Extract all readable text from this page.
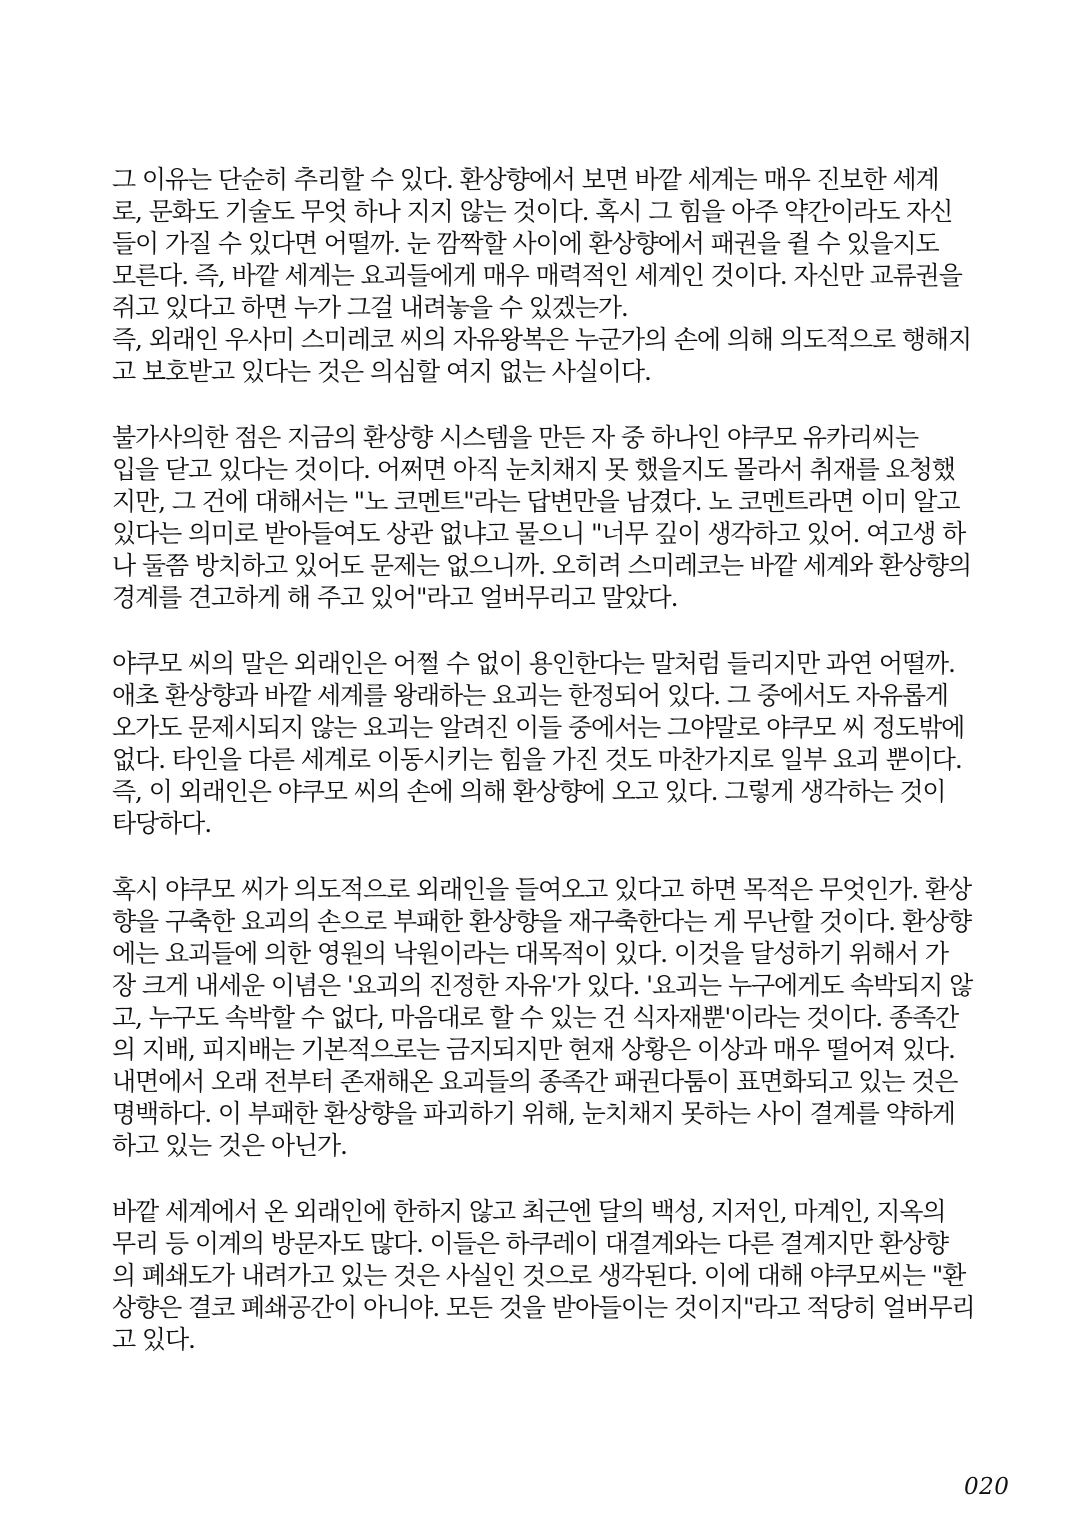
그 이유는 단순히 추리할 수 있다. 환상향에서 보면 바깥 세계는 매우 진보한 세계
로, 문화도 기술도 무엇 하나 지지 않는 것이다. 혹시 그 힘을 아주 약간이라도 자신
들이 가질 수 있다면 어떨까. 눈 깜짝할 사이에 환상향에서 패권을 쥘 수 있을지도
모른다. 즉, 바깥 세계는 요괴들에게 매우 매력적인 세계인 것이다. 자신만 교류권을
쥐고 있다고 하면 누가 그걸 내려놓을 수 있겠는가.
즉, 외래인 우사미 스미레코 씨의 자유왕복은 누군가의 손에 의해 의도적으로 행해지
고 보호받고 있다는 것은 의심할 여지 없는 사실이다.
불가사의한 점은 지금의 환상향 시스템을 만든 자 중 하나인 야쿠모 유카리씨는
입을 닫고 있다는 것이다. 어쩌면 아직 눈치채지 못 했을지도 몰라서 취재를 요청했
지만, 그 건에 대해서는 "노 코멘트"라는 답변만을 남겼다. 노 코멘트라면 이미 알고
있다는 의미로 받아들여도 상관 없냐고 물으니 "너무 깊이 생각하고 있어. 여고생 하
나 둘쯤 방치하고 있어도 문제는 없으니까. 오히려 스미레코는 바깥 세계와 환상향의
경계를 견고하게 해 주고 있어"라고 얼버무리고 말았다.
야쿠모 씨의 말은 외래인은 어쩔 수 없이 용인한다는 말처럼 들리지만 과연 어떨까.
애초 환상향과 바깥 세계를 왕래하는 요괴는 한정되어 있다. 그 중에서도 자유롭게
오가도 문제시되지 않는 요괴는 알려진 이들 중에서는 그야말로 야쿠모 씨 정도밖에
없다. 타인을 다른 세계로 이동시키는 힘을 가진 것도 마찬가지로 일부 요괴 뿐이다.
즉, 이 외래인은 야쿠모 씨의 손에 의해 환상향에 오고 있다. 그렇게 생각하는 것이
타당하다.
혹시 야쿠모 씨가 의도적으로 외래인을 들여오고 있다고 하면 목적은 무엇인가. 환상
향을 구축한 요괴의 손으로 부패한 환상향을 재구축한다는 게 무난할 것이다. 환상향
에는 요괴들에 의한 영원의 낙원이라는 대목적이 있다. 이것을 달성하기 위해서 가
장 크게 내세운 이념은 '요괴의 진정한 자유'가 있다. '요괴는 누구에게도 속박되지 않
고, 누구도 속박할 수 없다, 마음대로 할 수 있는 건 식자재뿐'이라는 것이다. 종족간
의 지배, 피지배는 기본적으로는 금지되지만 현재 상황은 이상과 매우 떨어져 있다.
내면에서 오래 전부터 존재해온 요괴들의 종족간 패권다툼이 표면화되고 있는 것은
명백하다. 이 부패한 환상향을 파괴하기 위해, 눈치채지 못하는 사이 결계를 약하게
하고 있는 것은 아닌가.
바깥 세계에서 온 외래인에 한하지 않고 최근엔 달의 백성, 지저인, 마계인, 지옥의
무리 등 이계의 방문자도 많다. 이들은 하쿠레이 대결계와는 다른 결계지만 환상향
의 폐쇄도가 내려가고 있는 것은 사실인 것으로 생각된다. 이에 대해 야쿠모씨는 "환
상향은 결코 폐쇄공간이 아니야. 모든 것을 받아들이는 것이지"라고 적당히 얼버무리
고 있다.
020
